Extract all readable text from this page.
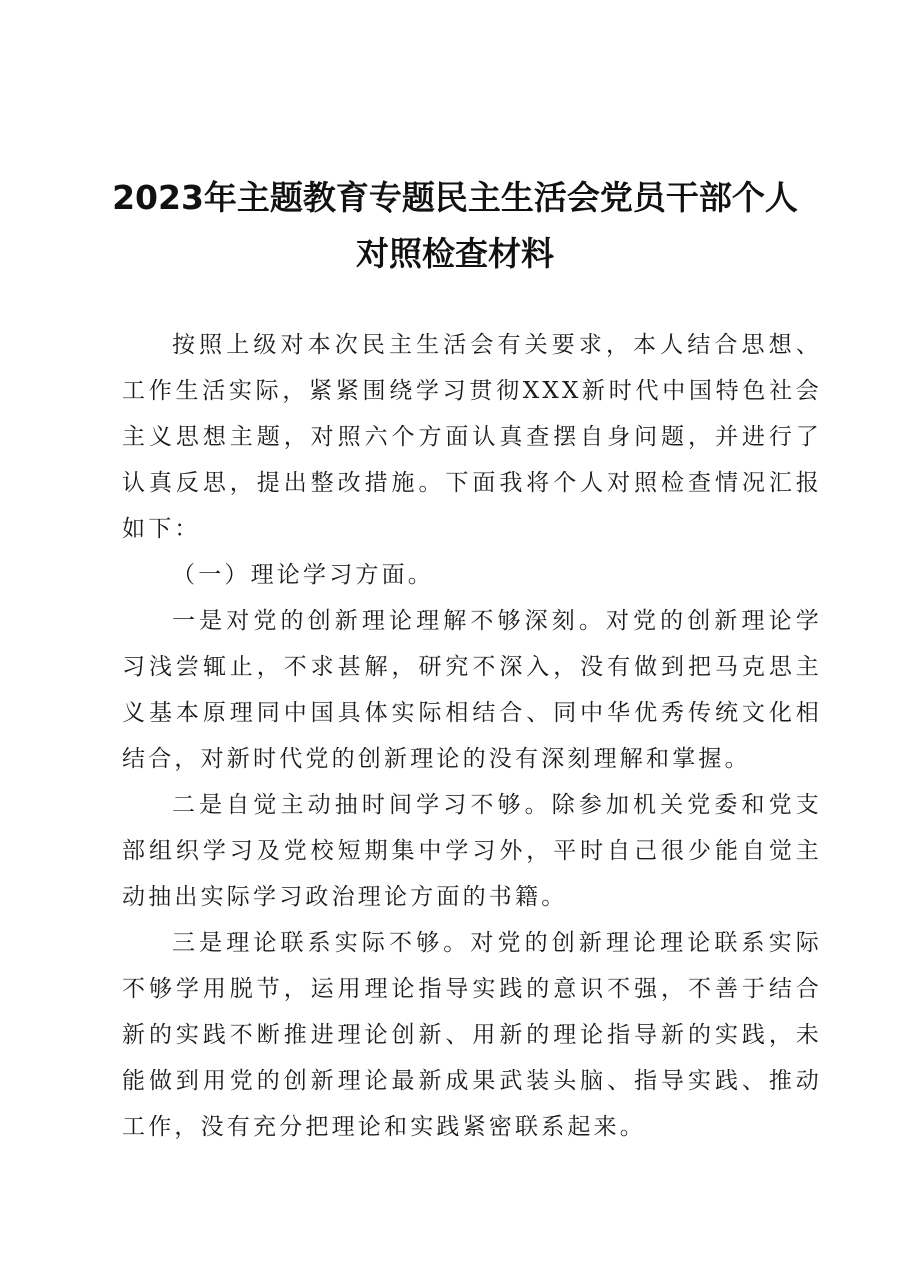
2023年主题教育专题民主生活会党员干部个人对照检查材料

按照上级对本次民主生活会有关要求，本人结合思想、工作生活实际，紧紧围绕学习贯彻XXX新时代中国特色社会主义思想主题，对照六个方面认真查摆自身问题，并进行了认真反思，提出整改措施。下面我将个人对照检查情况汇报如下：

（一）理论学习方面。

一是对党的创新理论理解不够深刻。对党的创新理论学习浅尝辄止，不求甚解，研究不深入，没有做到把马克思主义基本原理同中国具体实际相结合、同中华优秀传统文化相结合，对新时代党的创新理论的没有深刻理解和掌握。

二是自觉主动抽时间学习不够。除参加机关党委和党支部组织学习及党校短期集中学习外，平时自己很少能自觉主动抽出实际学习政治理论方面的书籍。

三是理论联系实际不够。对党的创新理论理论联系实际不够学用脱节，运用理论指导实践的意识不强，不善于结合新的实践不断推进理论创新、用新的理论指导新的实践，未能做到用党的创新理论最新成果武装头脑、指导实践、推动工作，没有充分把理论和实践紧密联系起来。
